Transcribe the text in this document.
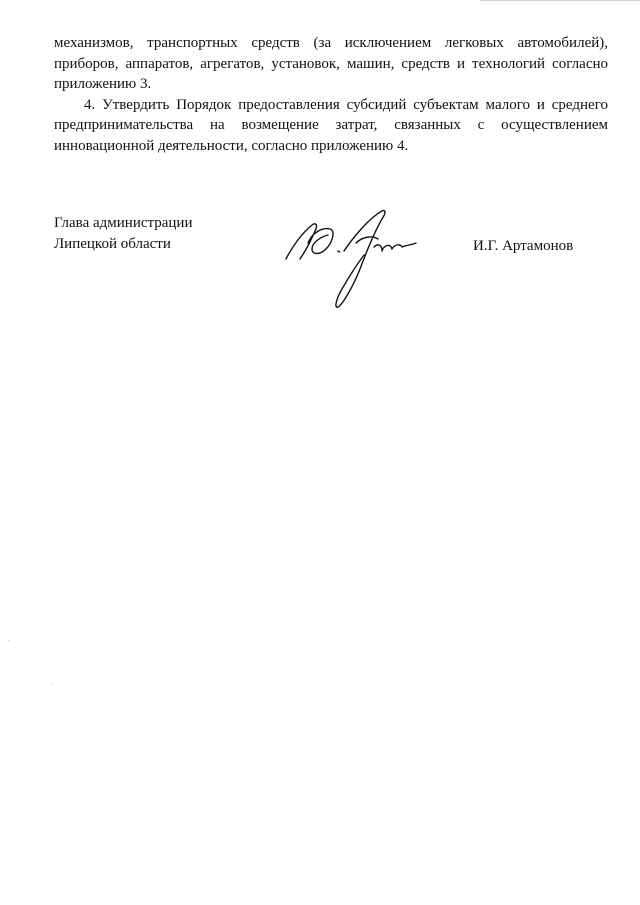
механизмов, транспортных средств (за исключением легковых автомобилей), приборов, аппаратов, агрегатов, установок, машин, средств и технологий согласно приложению 3.

4. Утвердить Порядок предоставления субсидий субъектам малого и среднего предпринимательства на возмещение затрат, связанных с осуществлением инновационной деятельности, согласно приложению 4.

Глава администрации
Липецкой области	И.Г. Артамонов
